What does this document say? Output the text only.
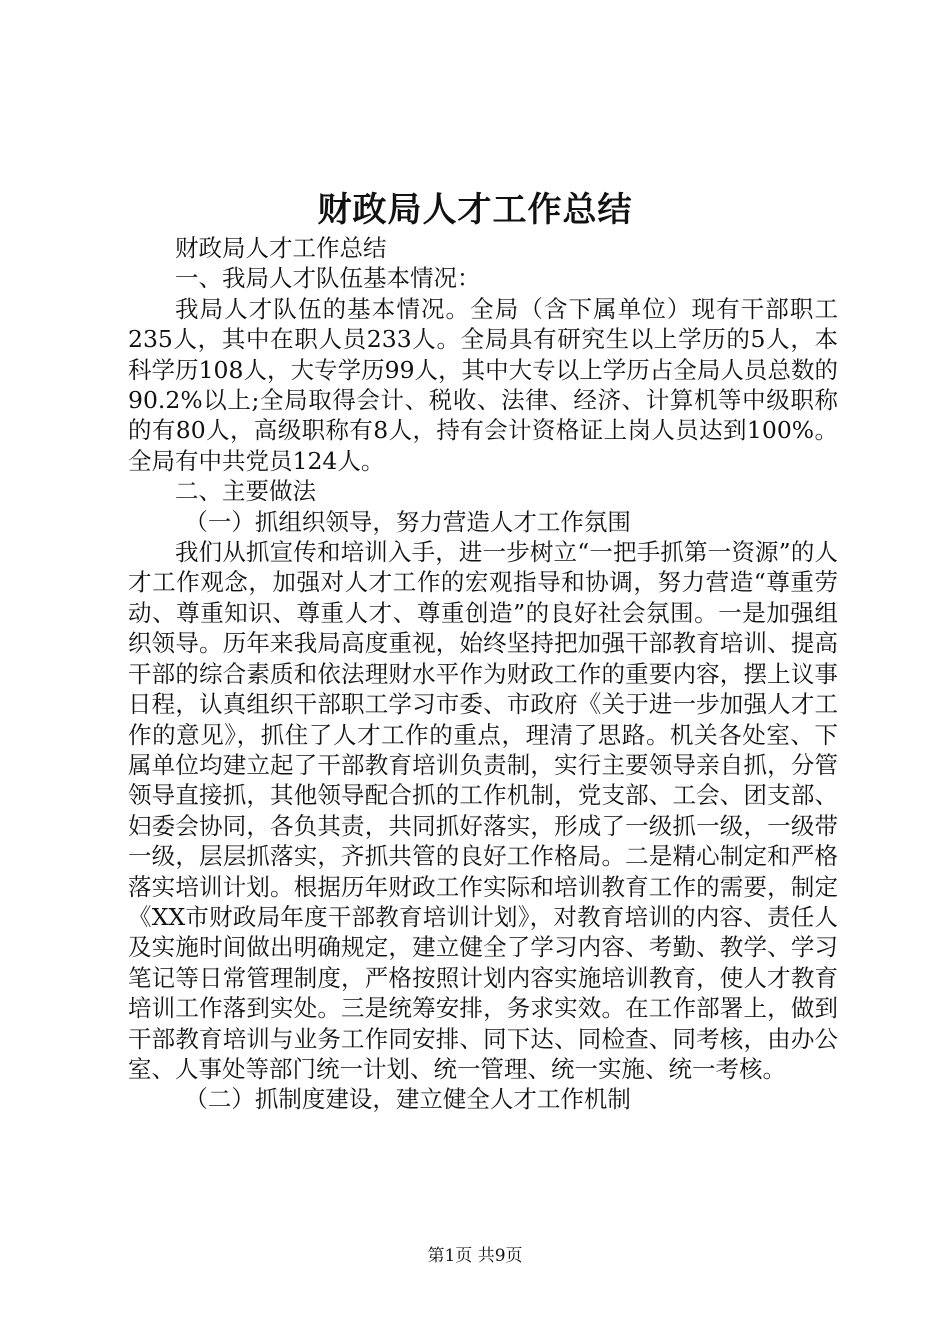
财政局人才工作总结

财政局人才工作总结

一、我局人才队伍基本情况：

我局人才队伍的基本情况。全局（含下属单位）现有干部职工235人，其中在职人员233人。全局具有研究生以上学历的5人，本科学历108人，大专学历99人，其中大专以上学历占全局人员总数的90.2%以上;全局取得会计、税收、法律、经济、计算机等中级职称的有80人，高级职称有8人，持有会计资格证上岗人员达到100%。全局有中共党员124人。

二、主要做法

（一）抓组织领导，努力营造人才工作氛围

我们从抓宣传和培训入手，进一步树立“一把手抓第一资源”的人才工作观念，加强对人才工作的宏观指导和协调，努力营造“尊重劳动、尊重知识、尊重人才、尊重创造”的良好社会氛围。一是加强组织领导。历年来我局高度重视，始终坚持把加强干部教育培训、提高干部的综合素质和依法理财水平作为财政工作的重要内容，摆上议事日程，认真组织干部职工学习市委、市政府《关于进一步加强人才工作的意见》，抓住了人才工作的重点，理清了思路。机关各处室、下属单位均建立起了干部教育培训负责制，实行主要领导亲自抓，分管领导直接抓，其他领导配合抓的工作机制，党支部、工会、团支部、妇委会协同，各负其责，共同抓好落实，形成了一级抓一级，一级带一级，层层抓落实，齐抓共管的良好工作格局。二是精心制定和严格落实培训计划。根据历年财政工作实际和培训教育工作的需要，制定《XX市财政局年度干部教育培训计划》，对教育培训的内容、责任人及实施时间做出明确规定，建立健全了学习内容、考勤、教学、学习笔记等日常管理制度，严格按照计划内容实施培训教育，使人才教育培训工作落到实处。三是统筹安排，务求实效。在工作部署上，做到干部教育培训与业务工作同安排、同下达、同检查、同考核，由办公室、人事处等部门统一计划、统一管理、统一实施、统一考核。

（二）抓制度建设，建立健全人才工作机制

第1页 共9页
